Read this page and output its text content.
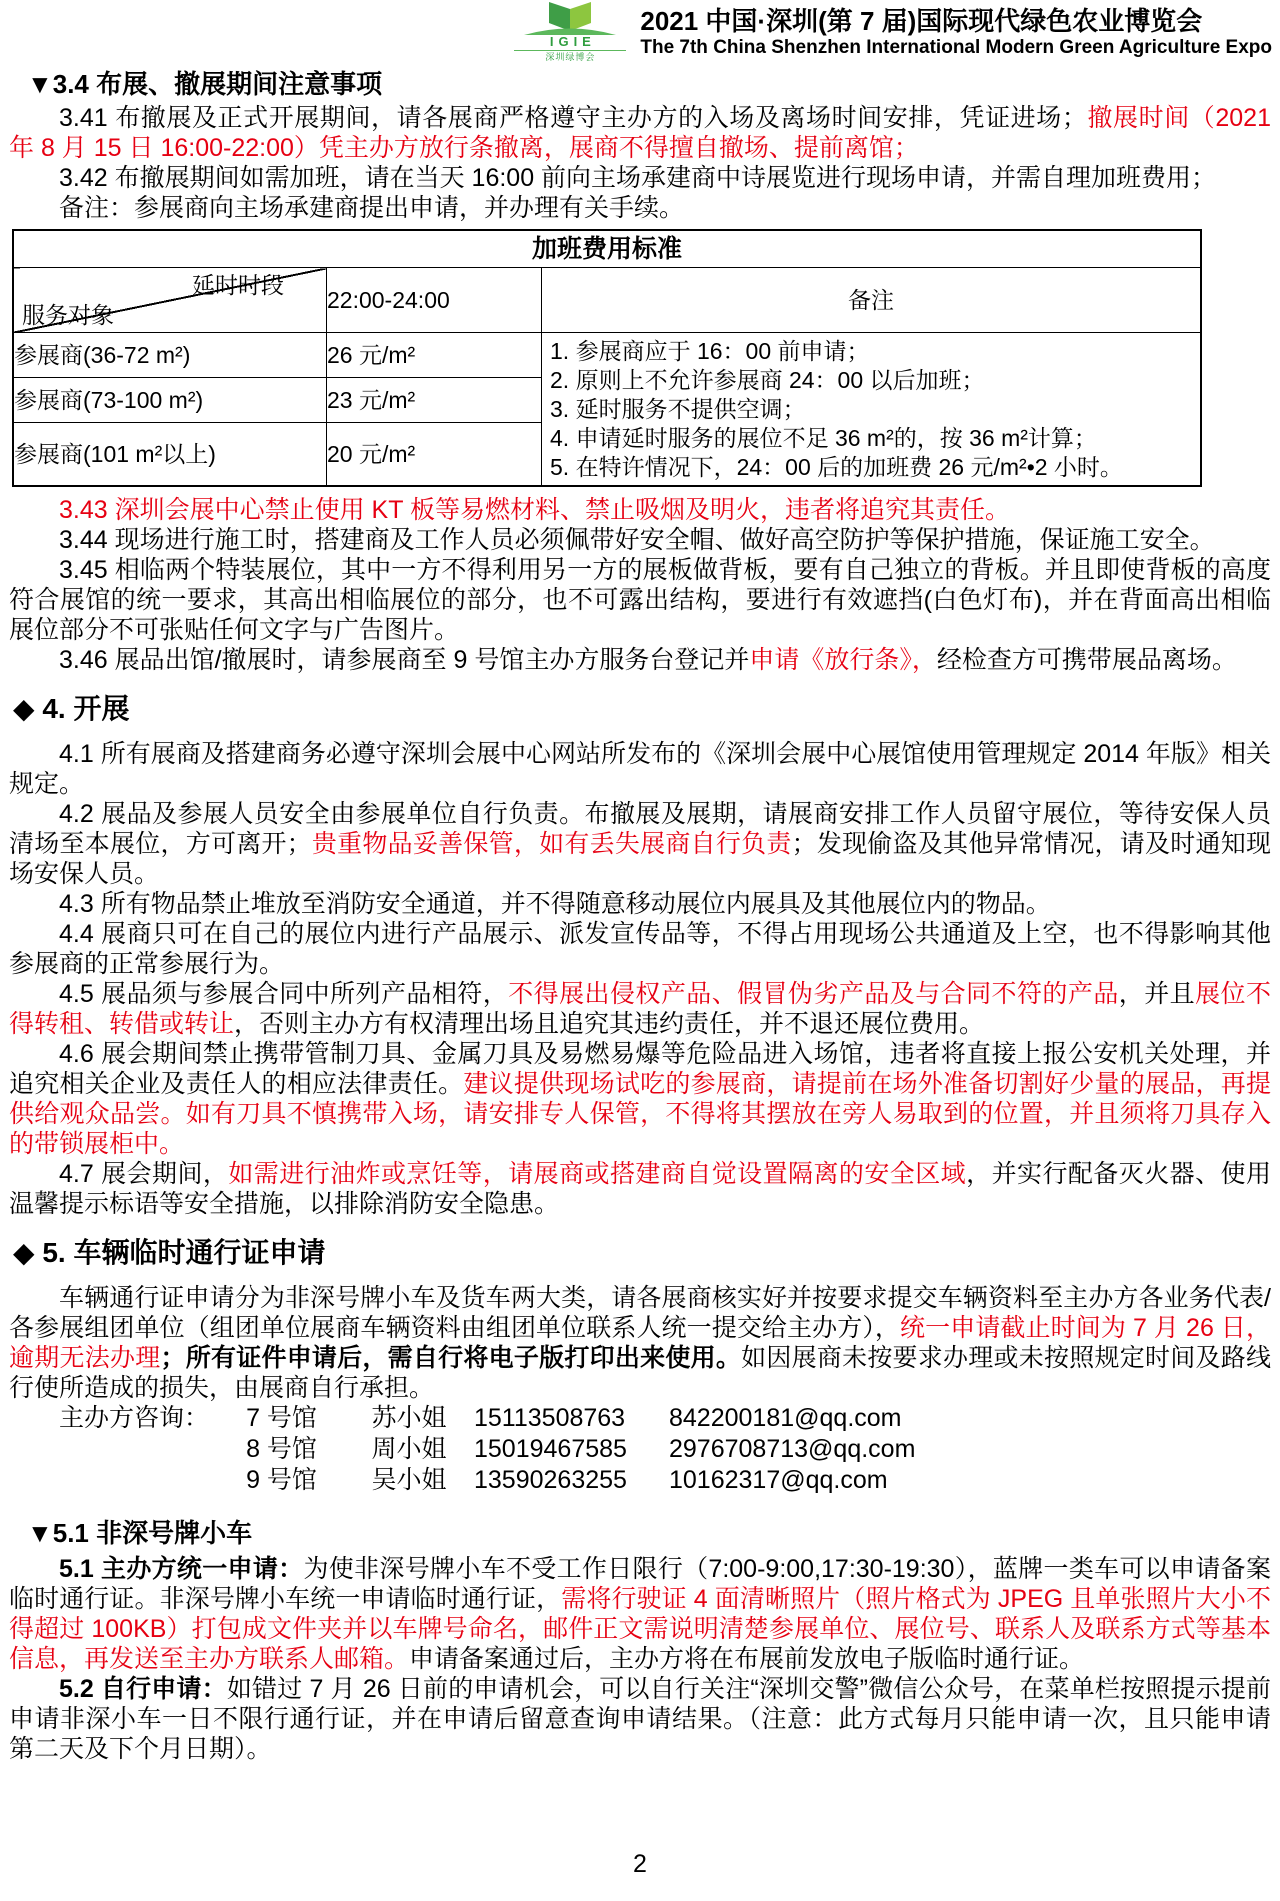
IGIE
深圳绿博会
2021 中国·深圳(第 7 届)国际现代绿色农业博览会
The 7th China Shenzhen International Modern Green Agriculture Expo
▼3.4 布展、撤展期间注意事项

3.41 布撤展及正式开展期间，请各展商严格遵守主办方的入场及离场时间安排，凭证进场；撤展时间（2021 年 8 月 15 日 16:00-22:00）凭主办方放行条撤离，展商不得擅自撤场、提前离馆；

3.42 布撤展期间如需加班，请在当天 16:00 前向主场承建商中诗展览进行现场申请，并需自理加班费用；

备注：参展商向主场承建商提出申请，并办理有关手续。

加班费用标准		

延时时段
服务对象	22:00-24:00	备注
参展商(36-72 m²)	26 元/m²	1. 参展商应于 16：00 前申请；
2. 原则上不允许参展商 24：00 以后加班；
3. 延时服务不提供空调；
4. 申请延时服务的展位不足 36 m²的，按 36 m²计算；
5. 在特许情况下，24：00 后的加班费 26 元/m²•2 小时。

参展商(73-100 m²)	23 元/m²	
参展商(101 m²以上)	20 元/m²	

3.43 深圳会展中心禁止使用 KT 板等易燃材料、禁止吸烟及明火，违者将追究其责任。

3.44 现场进行施工时，搭建商及工作人员必须佩带好安全帽、做好高空防护等保护措施，保证施工安全。

3.45 相临两个特装展位，其中一方不得利用另一方的展板做背板，要有自己独立的背板。并且即使背板的高度符合展馆的统一要求，其高出相临展位的部分，也不可露出结构，要进行有效遮挡(白色灯布)，并在背面高出相临展位部分不可张贴任何文字与广告图片。

3.46 展品出馆/撤展时，请参展商至 9 号馆主办方服务台登记并申请《放行条》，经检查方可携带展品离场。

◆ 4. 开展

4.1 所有展商及搭建商务必遵守深圳会展中心网站所发布的《深圳会展中心展馆使用管理规定 2014 年版》相关规定。

4.2 展品及参展人员安全由参展单位自行负责。布撤展及展期，请展商安排工作人员留守展位，等待安保人员清场至本展位，方可离开；贵重物品妥善保管，如有丢失展商自行负责；发现偷盗及其他异常情况，请及时通知现场安保人员。

4.3 所有物品禁止堆放至消防安全通道，并不得随意移动展位内展具及其他展位内的物品。

4.4 展商只可在自己的展位内进行产品展示、派发宣传品等，不得占用现场公共通道及上空，也不得影响其他参展商的正常参展行为。

4.5 展品须与参展合同中所列产品相符，不得展出侵权产品、假冒伪劣产品及与合同不符的产品，并且展位不得转租、转借或转让，否则主办方有权清理出场且追究其违约责任，并不退还展位费用。

4.6 展会期间禁止携带管制刀具、金属刀具及易燃易爆等危险品进入场馆，违者将直接上报公安机关处理，并追究相关企业及责任人的相应法律责任。建议提供现场试吃的参展商，请提前在场外准备切割好少量的展品，再提供给观众品尝。如有刀具不慎携带入场，请安排专人保管，不得将其摆放在旁人易取到的位置，并且须将刀具存入的带锁展柜中。

4.7 展会期间，如需进行油炸或烹饪等，请展商或搭建商自觉设置隔离的安全区域，并实行配备灭火器、使用温馨提示标语等安全措施，以排除消防安全隐患。

◆ 5. 车辆临时通行证申请

车辆通行证申请分为非深号牌小车及货车两大类，请各展商核实好并按要求提交车辆资料至主办方各业务代表/各参展组团单位（组团单位展商车辆资料由组团单位联系人统一提交给主办方），统一申请截止时间为 7 月 26 日，逾期无法办理；所有证件申请后，需自行将电子版打印出来使用。如因展商未按要求办理或未按照规定时间及路线行使所造成的损失，由展商自行承担。

主办方咨询：	7 号馆	苏小姐	15113508763	842200181@qq.com
	8 号馆	周小姐	15019467585	2976708713@qq.com
	9 号馆	吴小姐	13590263255	10162317@qq.com
▼5.1 非深号牌小车

5.1 主办方统一申请：为使非深号牌小车不受工作日限行（7:00-9:00,17:30-19:30），蓝牌一类车可以申请备案临时通行证。非深号牌小车统一申请临时通行证，需将行驶证 4 面清晰照片（照片格式为 JPEG 且单张照片大小不得超过 100KB）打包成文件夹并以车牌号命名，邮件正文需说明清楚参展单位、展位号、联系人及联系方式等基本信息，再发送至主办方联系人邮箱。申请备案通过后，主办方将在布展前发放电子版临时通行证。

5.2 自行申请：如错过 7 月 26 日前的申请机会，可以自行关注“深圳交警”微信公众号，在菜单栏按照提示提前申请非深小车一日不限行通行证，并在申请后留意查询申请结果。（注意：此方式每月只能申请一次，且只能申请第二天及下个月日期）。

2
